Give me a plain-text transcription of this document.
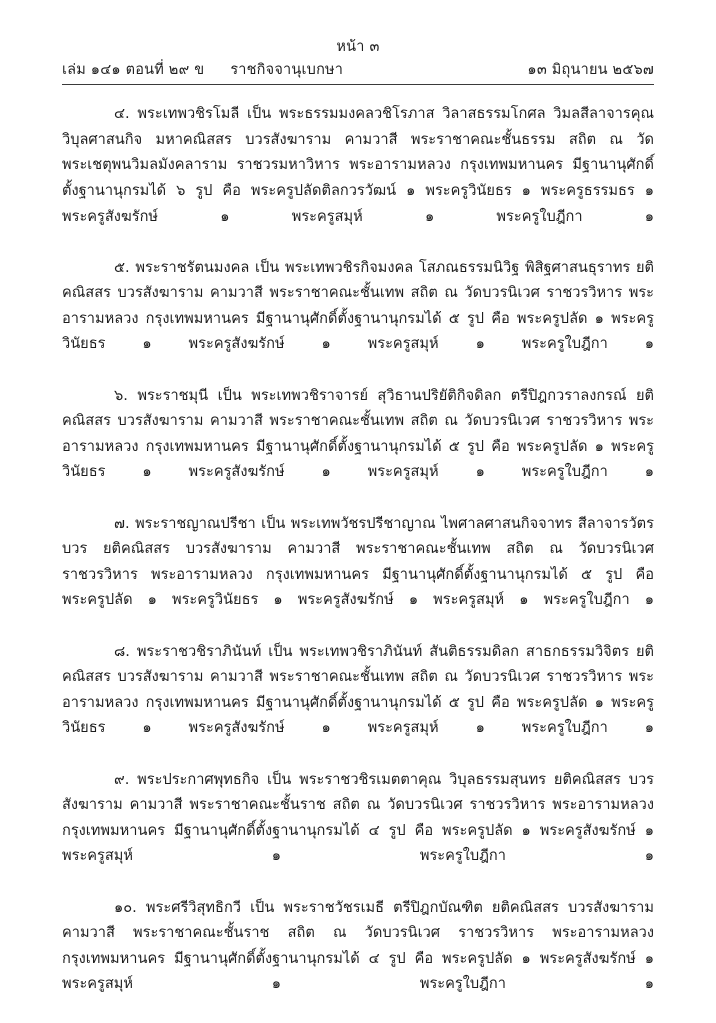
หน้า ๓
เล่ม ๑๔๑ ตอนที่ ๒๙ ข ราชกิจจานุเบกษา	๑๓ มิถุนายน ๒๕๖๗

๔. พระเทพวชิรโมลี เป็น พระธรรมมงคลวชิโรภาส วิลาสธรรมโกศล วิมลสีลาจารคุณ วิบุลศาสนกิจ มหาคณิสสร บวรสังฆาราม คามวาสี พระราชาคณะชั้นธรรม สถิต ณ วัดพระเชตุพนวิมลมังคลาราม ราชวรมหาวิหาร พระอารามหลวง กรุงเทพมหานคร มีฐานานุศักดิ์ตั้งฐานานุกรมได้ ๖ รูป คือ พระครูปลัดติลกวรวัฒน์ ๑ พระครูวินัยธร ๑ พระครูธรรมธร ๑ พระครูสังฆรักษ์ ๑ พระครูสมุห์ ๑ พระครูใบฎีกา ๑

๕. พระราชรัตนมงคล เป็น พระเทพวชิรกิจมงคล โสภณธรรมนิวิฐ พิสิฐศาสนธุราทร ยติคณิสสร บวรสังฆาราม คามวาสี พระราชาคณะชั้นเทพ สถิต ณ วัดบวรนิเวศ ราชวรวิหาร พระอารามหลวง กรุงเทพมหานคร มีฐานานุศักดิ์ตั้งฐานานุกรมได้ ๕ รูป คือ พระครูปลัด ๑ พระครูวินัยธร ๑ พระครูสังฆรักษ์ ๑ พระครูสมุห์ ๑ พระครูใบฎีกา ๑

๖. พระราชมุนี เป็น พระเทพวชิราจารย์ สุวิธานปริยัติกิจดิลก ตรีปิฎกวราลงกรณ์ ยติคณิสสร บวรสังฆาราม คามวาสี พระราชาคณะชั้นเทพ สถิต ณ วัดบวรนิเวศ ราชวรวิหาร พระอารามหลวง กรุงเทพมหานคร มีฐานานุศักดิ์ตั้งฐานานุกรมได้ ๕ รูป คือ พระครูปลัด ๑ พระครูวินัยธร ๑ พระครูสังฆรักษ์ ๑ พระครูสมุห์ ๑ พระครูใบฎีกา ๑

๗. พระราชญาณปรีชา เป็น พระเทพวัชรปรีชาญาณ ไพศาลศาสนกิจจาทร สีลาจารวัตรบวร ยติคณิสสร บวรสังฆาราม คามวาสี พระราชาคณะชั้นเทพ สถิต ณ วัดบวรนิเวศ ราชวรวิหาร พระอารามหลวง กรุงเทพมหานคร มีฐานานุศักดิ์ตั้งฐานานุกรมได้ ๕ รูป คือ พระครูปลัด ๑ พระครูวินัยธร ๑ พระครูสังฆรักษ์ ๑ พระครูสมุห์ ๑ พระครูใบฎีกา ๑

๘. พระราชวชิราภินันท์ เป็น พระเทพวชิราภินันท์ สันติธรรมดิลก สาธกธรรมวิจิตร ยติคณิสสร บวรสังฆาราม คามวาสี พระราชาคณะชั้นเทพ สถิต ณ วัดบวรนิเวศ ราชวรวิหาร พระอารามหลวง กรุงเทพมหานคร มีฐานานุศักดิ์ตั้งฐานานุกรมได้ ๕ รูป คือ พระครูปลัด ๑ พระครูวินัยธร ๑ พระครูสังฆรักษ์ ๑ พระครูสมุห์ ๑ พระครูใบฎีกา ๑

๙. พระประกาศพุทธกิจ เป็น พระราชวชิรเมตตาคุณ วิบุลธรรมสุนทร ยติคณิสสร บวรสังฆาราม คามวาสี พระราชาคณะชั้นราช สถิต ณ วัดบวรนิเวศ ราชวรวิหาร พระอารามหลวง กรุงเทพมหานคร มีฐานานุศักดิ์ตั้งฐานานุกรมได้ ๔ รูป คือ พระครูปลัด ๑ พระครูสังฆรักษ์ ๑ พระครูสมุห์ ๑ พระครูใบฎีกา ๑

๑๐. พระศรีวิสุทธิกวี เป็น พระราชวัชรเมธี ตรีปิฎกบัณฑิต ยติคณิสสร บวรสังฆาราม คามวาสี พระราชาคณะชั้นราช สถิต ณ วัดบวรนิเวศ ราชวรวิหาร พระอารามหลวง กรุงเทพมหานคร มีฐานานุศักดิ์ตั้งฐานานุกรมได้ ๔ รูป คือ พระครูปลัด ๑ พระครูสังฆรักษ์ ๑ พระครูสมุห์ ๑ พระครูใบฎีกา ๑
